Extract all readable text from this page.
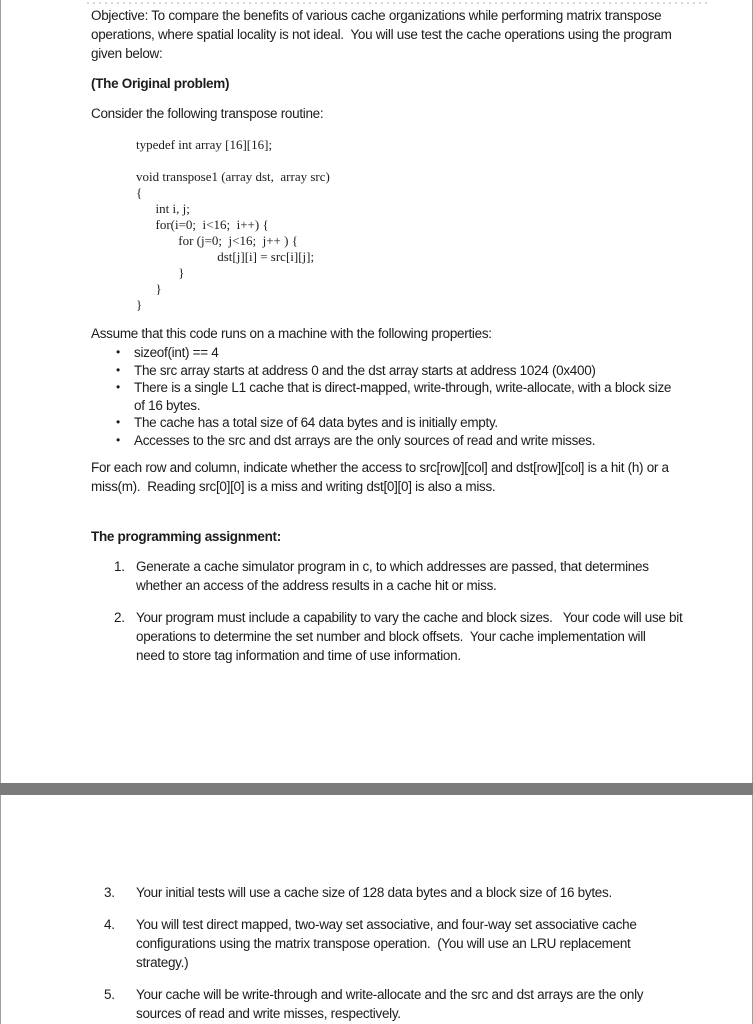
Objective: To compare the benefits of various cache organizations while performing matrix transpose
operations, where spatial locality is not ideal.  You will use test the cache operations using the program
given below:
(The Original problem)
Consider the following transpose routine:
typedef int array [16][16];
void transpose1 (array dst,  array src)
{
int i, j;
for(i=0;  i<16;  i++) {
for (j=0;  j<16;  j++ ) {
dst[j][i] = src[i][j];
}
}
}
Assume that this code runs on a machine with the following properties:
• sizeof(int) == 4
• The src array starts at address 0 and the dst array starts at address 1024 (0x400)
• There is a single L1 cache that is direct-mapped, write-through, write-allocate, with a block size
of 16 bytes.
• The cache has a total size of 64 data bytes and is initially empty.
• Accesses to the src and dst arrays are the only sources of read and write misses.
For each row and column, indicate whether the access to src[row][col] and dst[row][col] is a hit (h) or a
miss(m).  Reading src[0][0] is a miss and writing dst[0][0] is also a miss.
The programming assignment:
1. Generate a cache simulator program in c, to which addresses are passed, that determines
whether an access of the address results in a cache hit or miss.
2. Your program must include a capability to vary the cache and block sizes.   Your code will use bit
operations to determine the set number and block offsets.  Your cache implementation will
need to store tag information and time of use information.
3. Your initial tests will use a cache size of 128 data bytes and a block size of 16 bytes.
4. You will test direct mapped, two-way set associative, and four-way set associative cache
configurations using the matrix transpose operation.  (You will use an LRU replacement
strategy.)
5. Your cache will be write-through and write-allocate and the src and dst arrays are the only
sources of read and write misses, respectively.
